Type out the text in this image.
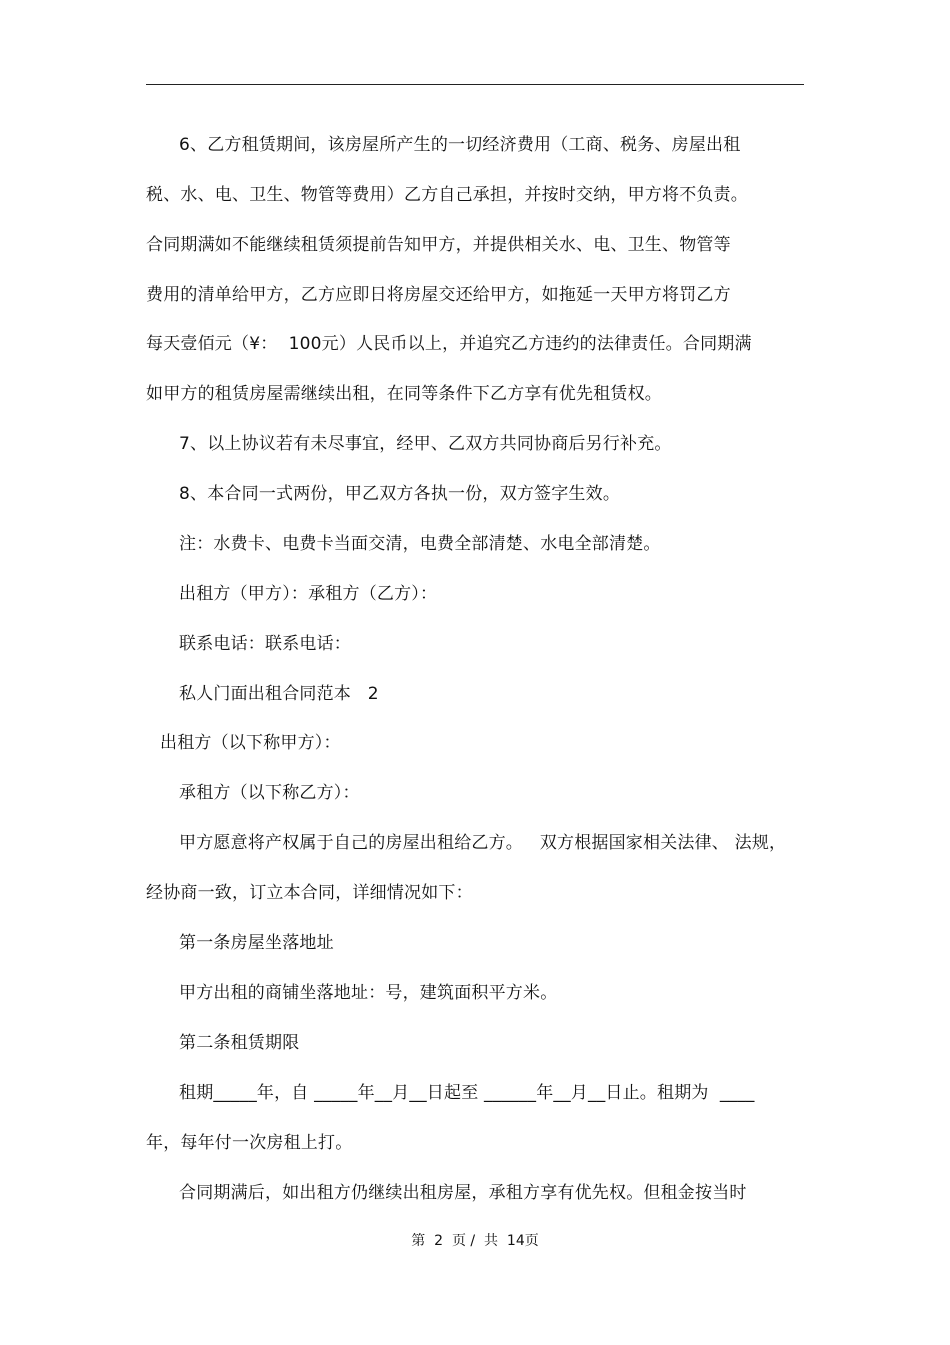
6、乙方租赁期间，该房屋所产生的一切经济费用（工商、税务、房屋出租
税、水、电、卫生、物管等费用）乙方自己承担，并按时交纳，甲方将不负责。
合同期满如不能继续租赁须提前告知甲方，并提供相关水、电、卫生、物管等
费用的清单给甲方，乙方应即日将房屋交还给甲方，如拖延一天甲方将罚乙方
每天壹佰元（¥：  100元）人民币以上，并追究乙方违约的法律责任。合同期满
如甲方的租赁房屋需继续出租，在同等条件下乙方享有优先租赁权。
7、以上协议若有未尽事宜，经甲、乙双方共同协商后另行补充。
8、本合同一式两份，甲乙双方各执一份，双方签字生效。
注：水费卡、电费卡当面交清，电费全部清楚、水电全部清楚。
出租方（甲方）：承租方（乙方）：
联系电话：联系电话：
私人门面出租合同范本   2
出租方（以下称甲方）：
承租方（以下称乙方）：
甲方愿意将产权属于自己的房屋出租给乙方。   双方根据国家相关法律、 法规，
经协商一致，订立本合同，详细情况如下：
第一条房屋坐落地址
甲方出租的商铺坐落地址：号，建筑面积平方米。
第二条租赁期限
租期_____年，自 _____年__月__日起至 ______年__月__日止。租期为  ____
年，每年付一次房租上打。
合同期满后，如出租方仍继续出租房屋，承租方享有优先权。但租金按当时
第  2  页 /  共  14页
